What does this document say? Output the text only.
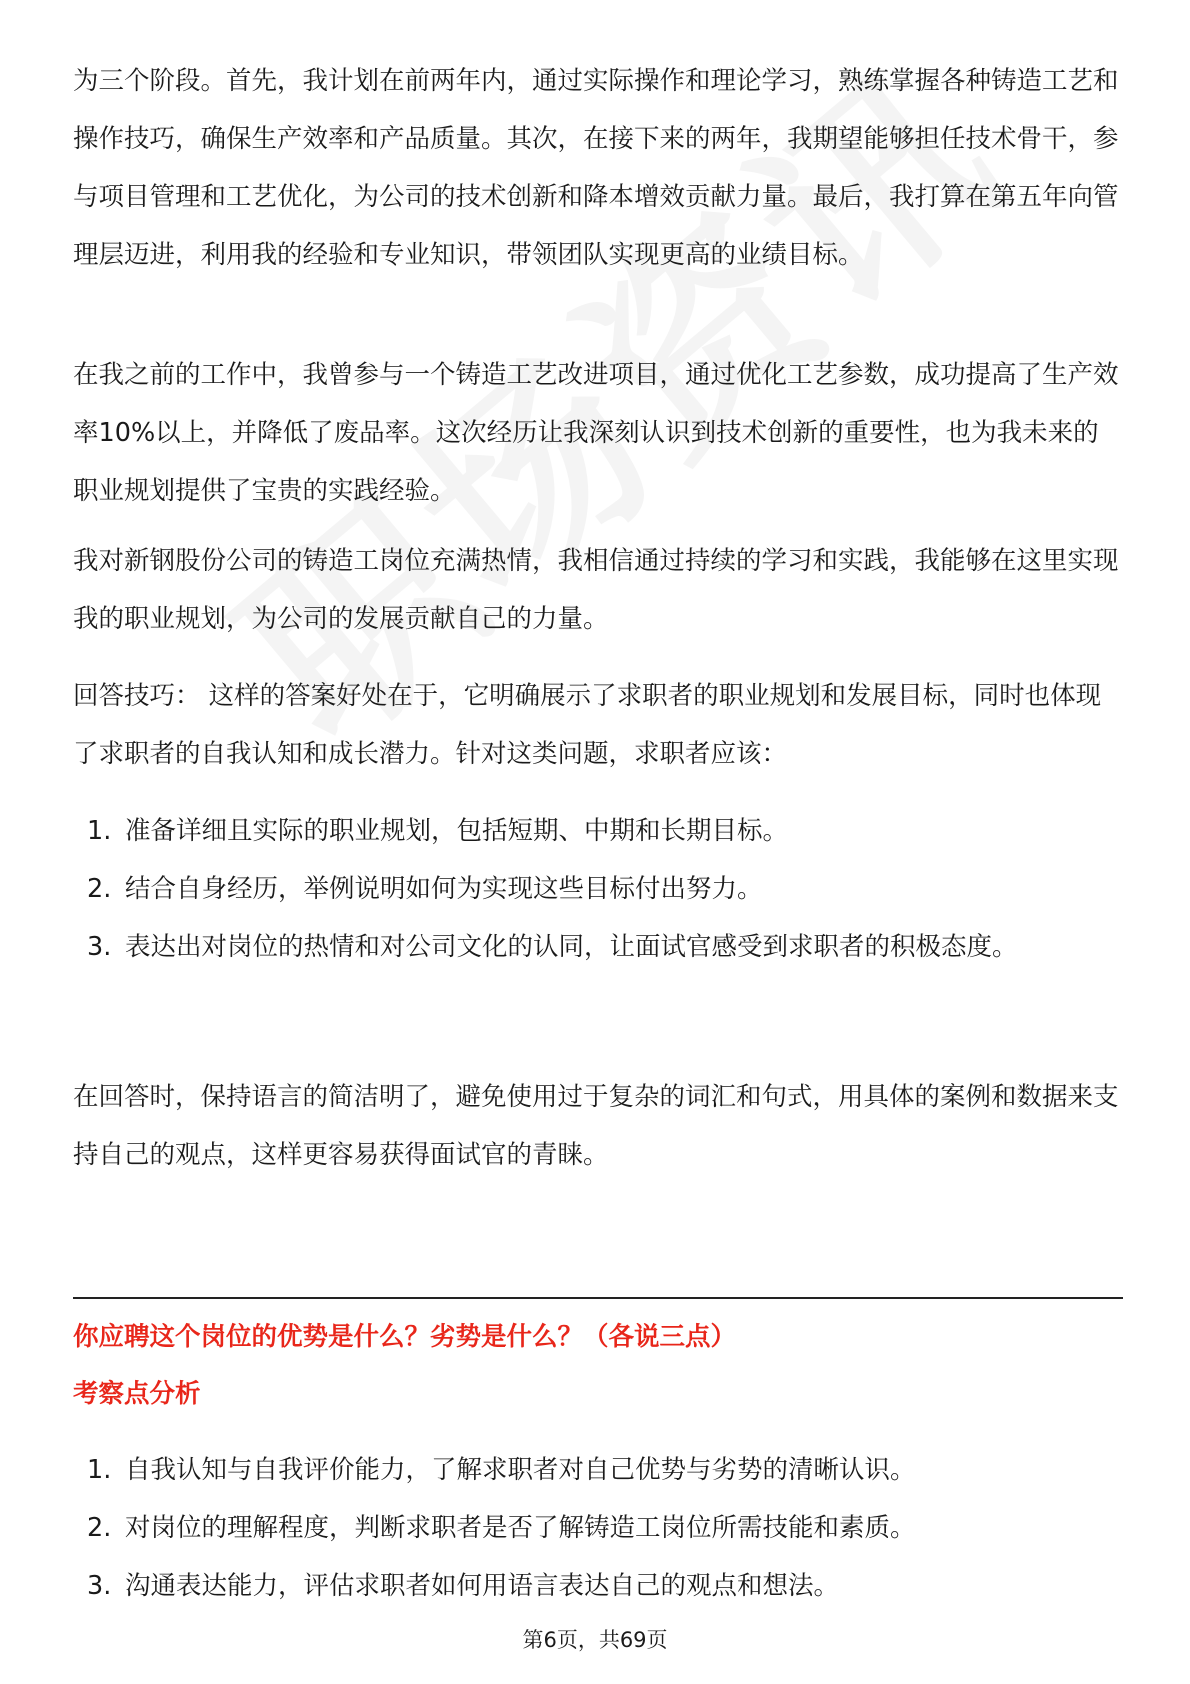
为三个阶段。首先，我计划在前两年内，通过实际操作和理论学习，熟练掌握各种铸造工艺和操作技巧，确保生产效率和产品质量。其次，在接下来的两年，我期望能够担任技术骨干，参与项目管理和工艺优化，为公司的技术创新和降本增效贡献力量。最后，我打算在第五年向管理层迈进，利用我的经验和专业知识，带领团队实现更高的业绩目标。

在我之前的工作中，我曾参与一个铸造工艺改进项目，通过优化工艺参数，成功提高了生产效率10%以上，并降低了废品率。这次经历让我深刻认识到技术创新的重要性，也为我未来的职业规划提供了宝贵的实践经验。

我对新钢股份公司的铸造工岗位充满热情，我相信通过持续的学习和实践，我能够在这里实现我的职业规划，为公司的发展贡献自己的力量。

回答技巧： 这样的答案好处在于，它明确展示了求职者的职业规划和发展目标，同时也体现了求职者的自我认知和成长潜力。针对这类问题，求职者应该：

1. 准备详细且实际的职业规划，包括短期、中期和长期目标。
2. 结合自身经历，举例说明如何为实现这些目标付出努力。
3. 表达出对岗位的热情和对公司文化的认同，让面试官感受到求职者的积极态度。

在回答时，保持语言的简洁明了，避免使用过于复杂的词汇和句式，用具体的案例和数据来支持自己的观点，这样更容易获得面试官的青睐。

你应聘这个岗位的优势是什么？劣势是什么？（各说三点）
考察点分析
1. 自我认知与自我评价能力，了解求职者对自己优势与劣势的清晰认识。
2. 对岗位的理解程度，判断求职者是否了解铸造工岗位所需技能和素质。
3. 沟通表达能力，评估求职者如何用语言表达自己的观点和想法。
第6页，共69页
